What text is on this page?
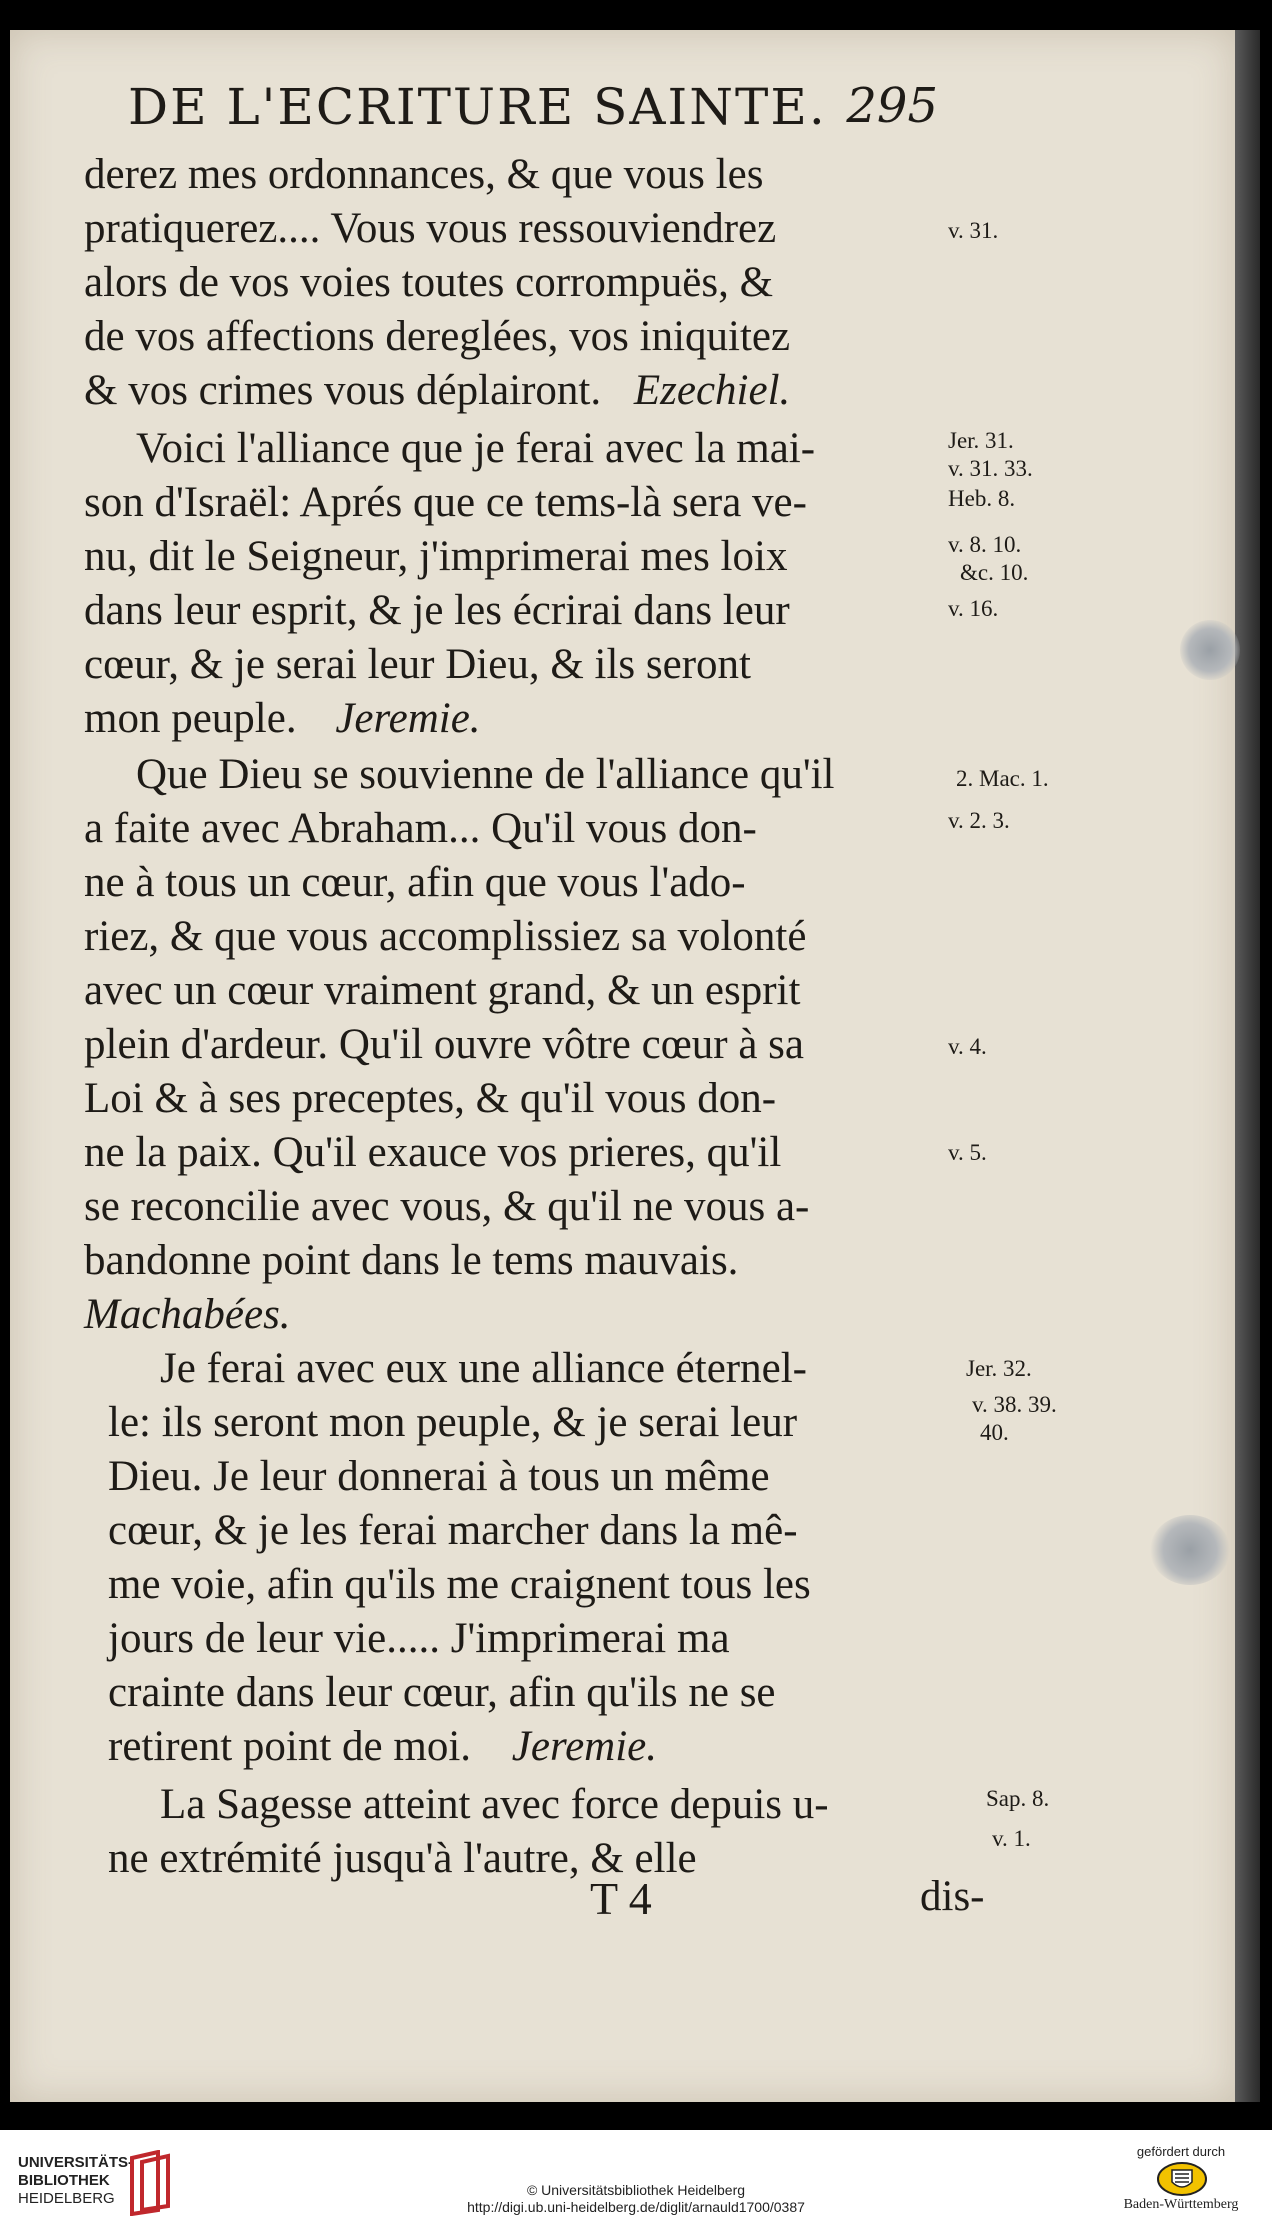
DE L'ECRITURE SAINTE. 295
derez mes ordonnances, & que vous les
pratiquerez.... Vous vous ressouviendrez
alors de vos voies toutes corrompuës, &
de vos affections dereglées, vos iniquitez
& vos crimes vous déplairont. Ezechiel.
Voici l'alliance que je ferai avec la mai-
son d'Israël: Aprés que ce tems-là sera ve-
nu, dit le Seigneur, j'imprimerai mes loix
dans leur esprit, & je les écrirai dans leur
cœur, & je serai leur Dieu, & ils seront
mon peuple. Jeremie.
Que Dieu se souvienne de l'alliance qu'il
a faite avec Abraham... Qu'il vous don-
ne à tous un cœur, afin que vous l'ado-
riez, & que vous accomplissiez sa volonté
avec un cœur vraiment grand, & un esprit
plein d'ardeur. Qu'il ouvre vôtre cœur à sa
Loi & à ses preceptes, & qu'il vous don-
ne la paix. Qu'il exauce vos prieres, qu'il
se reconcilie avec vous, & qu'il ne vous a-
bandonne point dans le tems mauvais.
Machabées.
Je ferai avec eux une alliance éternel-
le: ils seront mon peuple, & je serai leur
Dieu. Je leur donnerai à tous un même
cœur, & je les ferai marcher dans la mê-
me voie, afin qu'ils me craignent tous les
jours de leur vie..... J'imprimerai ma
crainte dans leur cœur, afin qu'ils ne se
retirent point de moi. Jeremie.
La Sagesse atteint avec force depuis u-
ne extrémité jusqu'à l'autre, & elle
v. 31.
Jer. 31.
v. 31. 33.
Heb. 8.
v. 8. 10.
&c. 10.
v. 16.
2. Mac. 1.
v. 2. 3.
v. 4.
v. 5.
Jer. 32.
v. 38. 39.
40.
Sap. 8.
v. 1.
T 4	dis-
UNIVERSITÄTS-
BIBLIOTHEK
HEIDELBERG	© Universitätsbibliothek Heidelberg
http://digi.ub.uni-heidelberg.de/diglit/arnauld1700/0387
gefördert durch
Baden-Württemberg
